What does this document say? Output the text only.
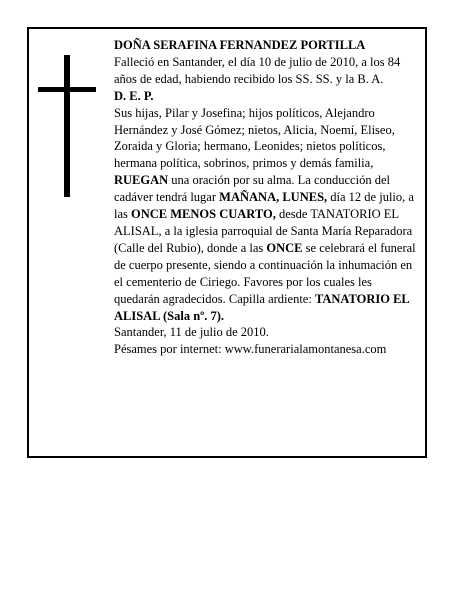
DOÑA SERAFINA FERNANDEZ PORTILLA

Falleció en Santander, el día 10 de julio de 2010, a los 84 años de edad, habiendo recibido los SS. SS. y la B. A.

D. E. P.

Sus hijas, Pilar y Josefina; hijos políticos, Alejandro Hernández y José Gómez; nietos, Alicia, Noemí, Eliseo, Zoraida y Gloria; hermano, Leonides; nietos políticos, hermana política, sobrinos, primos y demás familia,

RUEGAN una oración por su alma. La conducción del cadáver tendrá lugar MAÑANA, LUNES, día 12 de julio, a las ONCE MENOS CUARTO, desde TANATORIO EL ALISAL, a la iglesia parroquial de Santa María Reparadora (Calle del Rubio), donde a las ONCE se celebrará el funeral de cuerpo presente, siendo a continuación la inhumación en el cementerio de Ciriego. Favores por los cuales les quedarán agradecidos. Capilla ardiente: TANATORIO EL ALISAL (Sala nº. 7).

Santander, 11 de julio de 2010.

Pésames por internet: www.funerarialamontanesa.com
